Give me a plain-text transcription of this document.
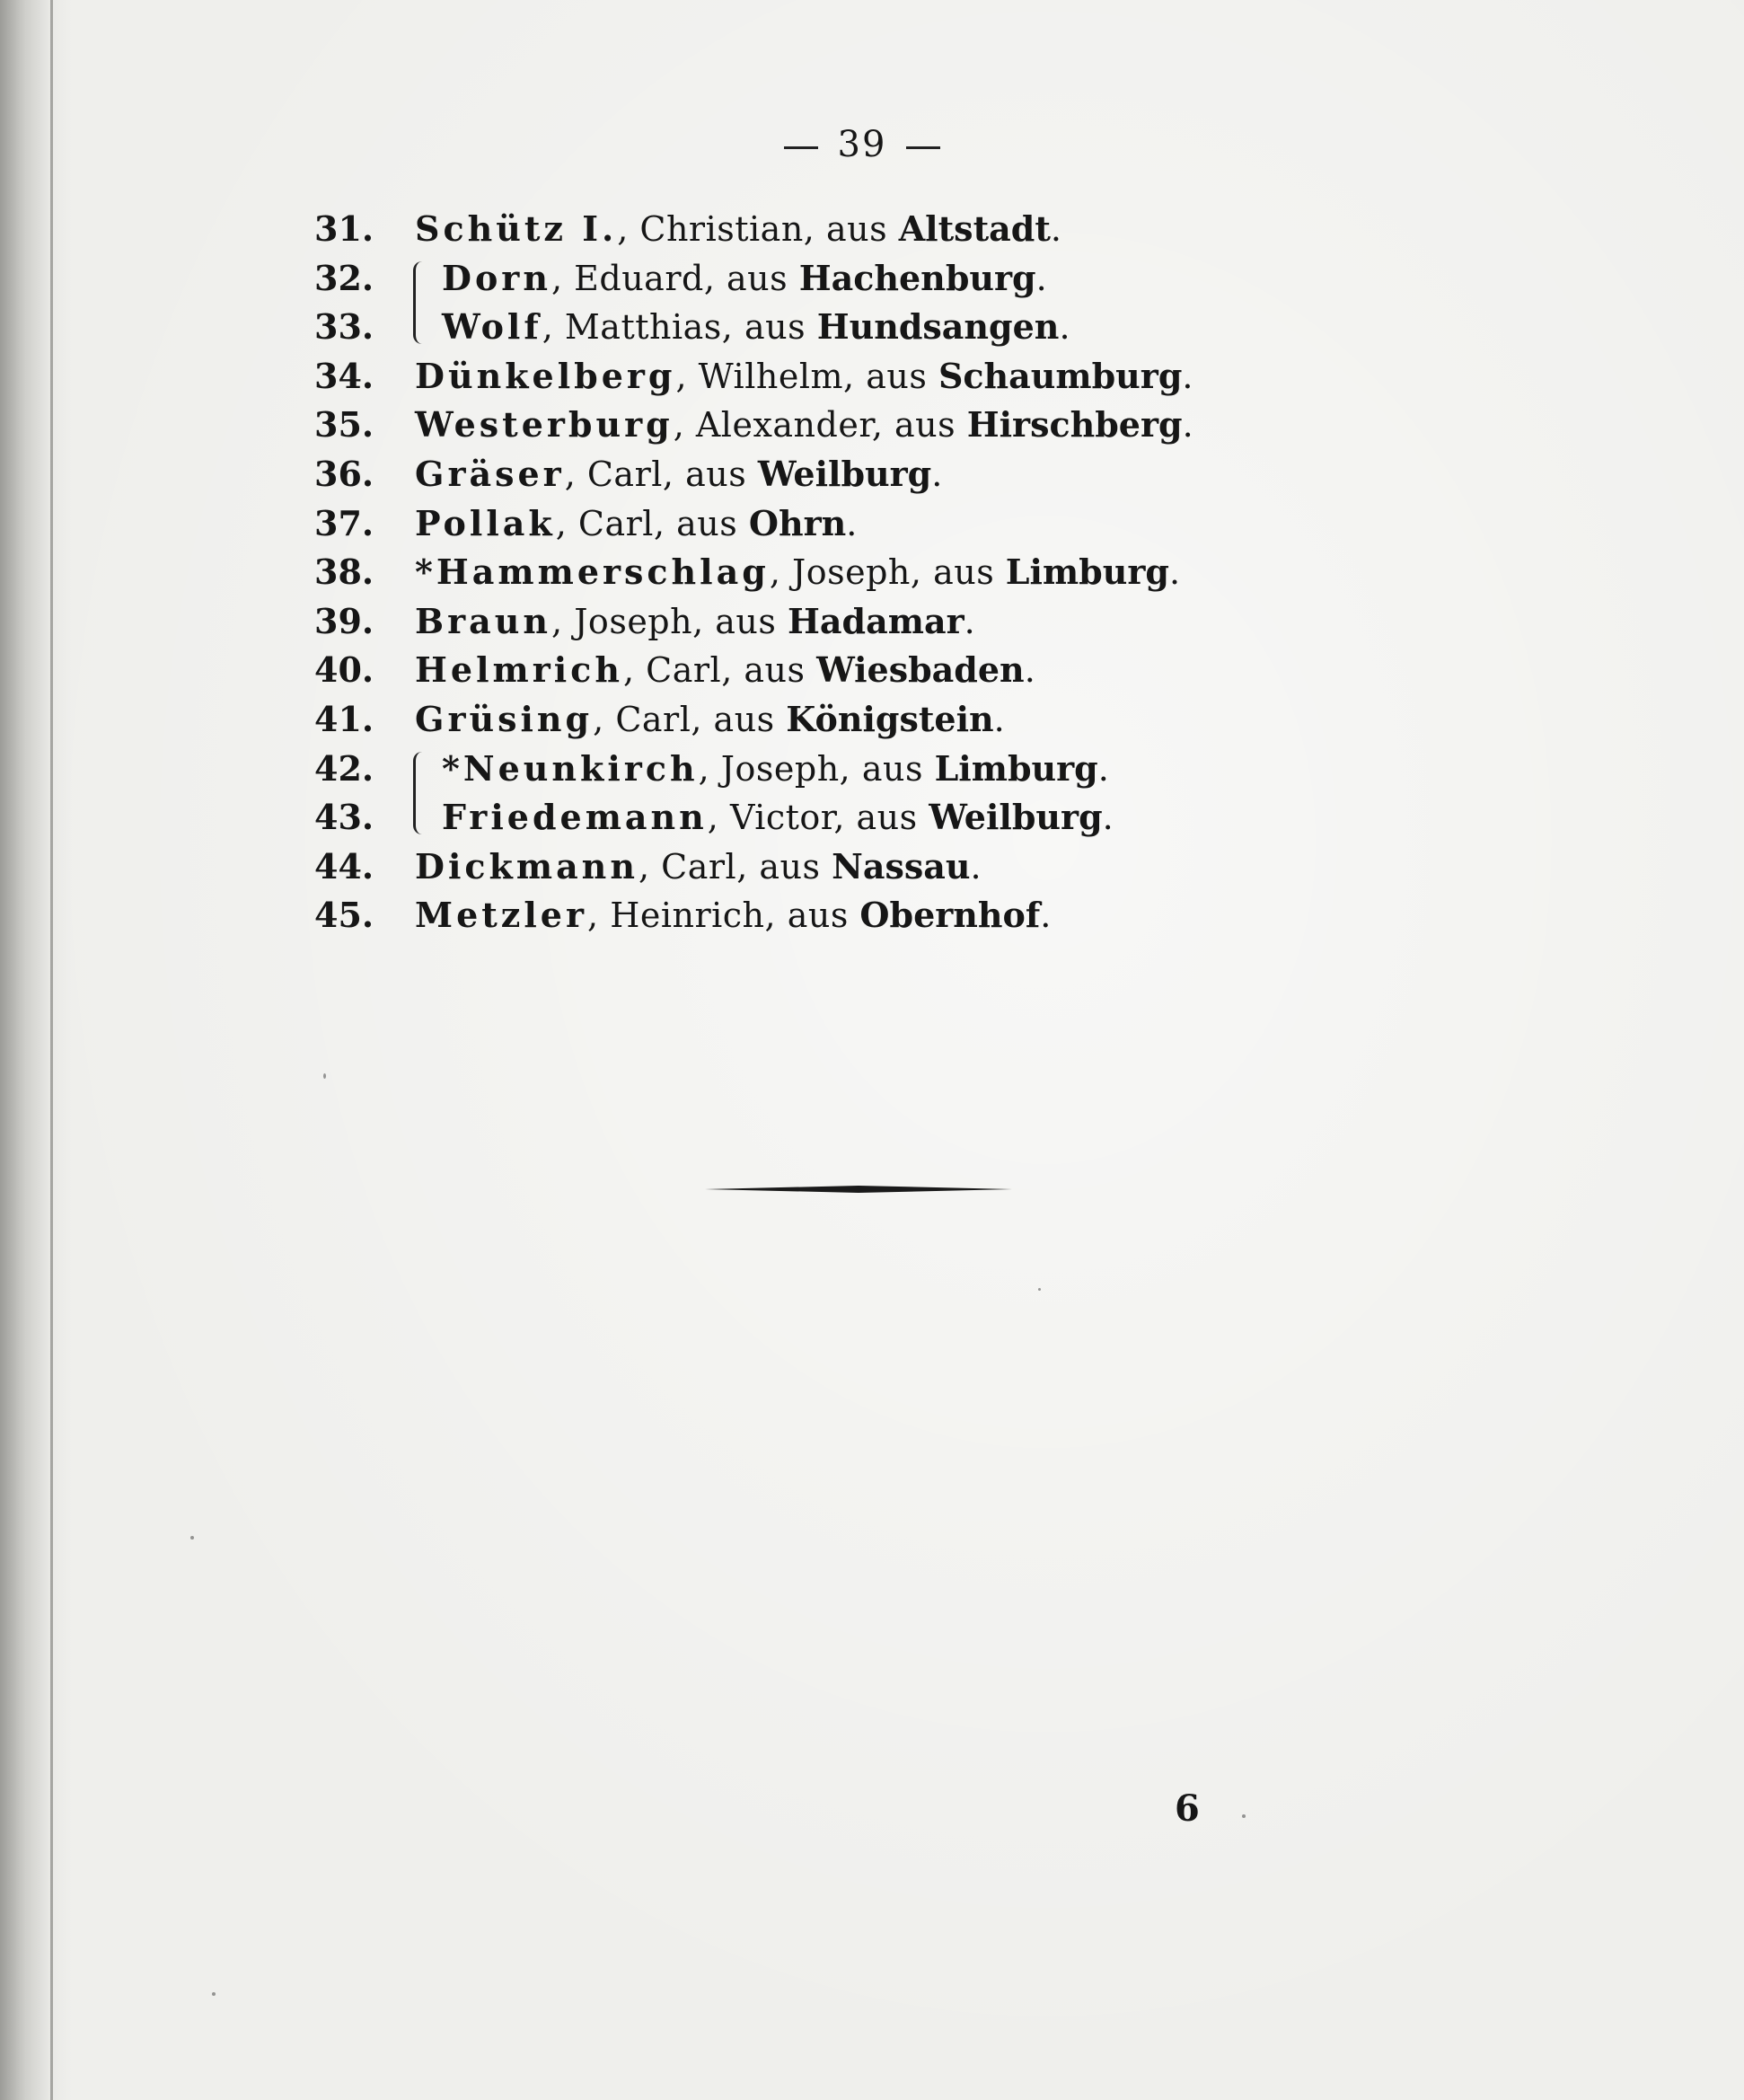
39
31.	Schütz I., Christian, aus Altstadt.
32.	Dorn, Eduard, aus Hachenburg.
33.	Wolf, Matthias, aus Hundsangen.
34.	Dünkelberg, Wilhelm, aus Schaumburg.
35.	Westerburg, Alexander, aus Hirschberg.
36.	Gräser, Carl, aus Weilburg.
37.	Pollak, Carl, aus Ohrn.
38.	*Hammerschlag, Joseph, aus Limburg.
39.	Braun, Joseph, aus Hadamar.
40.	Helmrich, Carl, aus Wiesbaden.
41.	Grüsing, Carl, aus Königstein.
42.	*Neunkirch, Joseph, aus Limburg.
43.	Friedemann, Victor, aus Weilburg.
44.	Dickmann, Carl, aus Nassau.
45.	Metzler, Heinrich, aus Obernhof.
6
